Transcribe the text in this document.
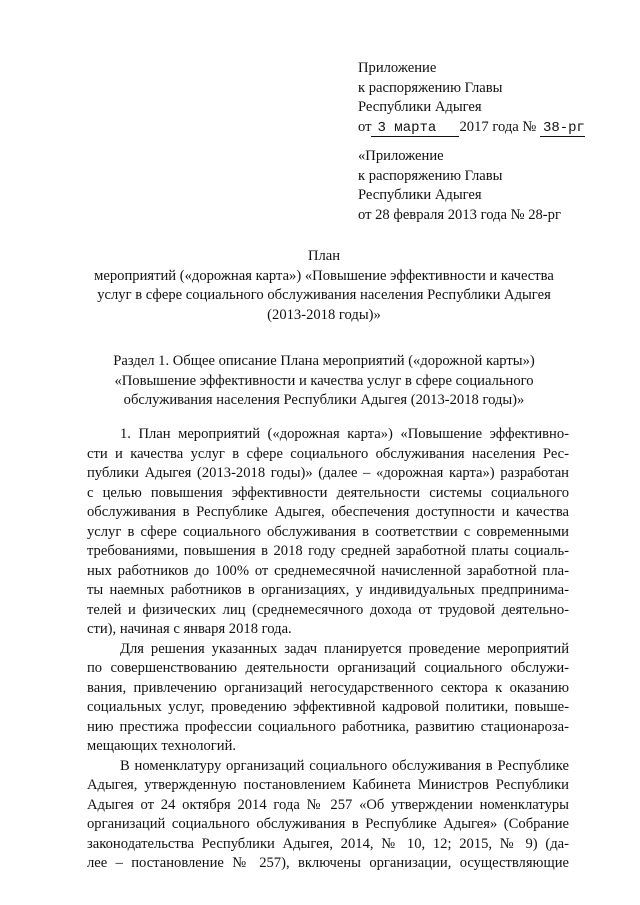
Приложение
к распоряжению Главы
Республики Адыгея
от 3 марта 2017 года № 38-рг
«Приложение
к распоряжению Главы
Республики Адыгея
от 28 февраля 2013 года № 28-рг
План
мероприятий («дорожная карта») «Повышение эффективности и качества
услуг в сфере социального обслуживания населения Республики Адыгея
(2013-2018 годы)»
Раздел 1. Общее описание Плана мероприятий («дорожной карты»)
«Повышение эффективности и качества услуг в сфере социального
обслуживания населения Республики Адыгея (2013-2018 годы)»
1. План мероприятий («дорожная карта») «Повышение эффективно-
сти и качества услуг в сфере социального обслуживания населения Рес-
публики Адыгея (2013-2018 годы)» (далее – «дорожная карта») разработан
с целью повышения эффективности деятельности системы социального
обслуживания в Республике Адыгея, обеспечения доступности и качества
услуг в сфере социального обслуживания в соответствии с современными
требованиями, повышения в 2018 году средней заработной платы социаль-
ных работников до 100% от среднемесячной начисленной заработной пла-
ты наемных работников в организациях, у индивидуальных предпринима-
телей и физических лиц (среднемесячного дохода от трудовой деятельно-
сти), начиная с января 2018 года.
Для решения указанных задач планируется проведение мероприятий
по совершенствованию деятельности организаций социального обслужи-
вания, привлечению организаций негосударственного сектора к оказанию
социальных услуг, проведению эффективной кадровой политики, повыше-
нию престижа профессии социального работника, развитию стационарозa-
мещающих технологий.
В номенклатуру организаций социального обслуживания в Республике
Адыгея, утвержденную постановлением Кабинета Министров Республики
Адыгея от 24 октября 2014 года № 257 «Об утверждении номенклатуры
организаций социального обслуживания в Республике Адыгея» (Собрание
законодательства Республики Адыгея, 2014, № 10, 12; 2015, № 9) (да-
лее – постановление № 257), включены организации, осуществляющие
